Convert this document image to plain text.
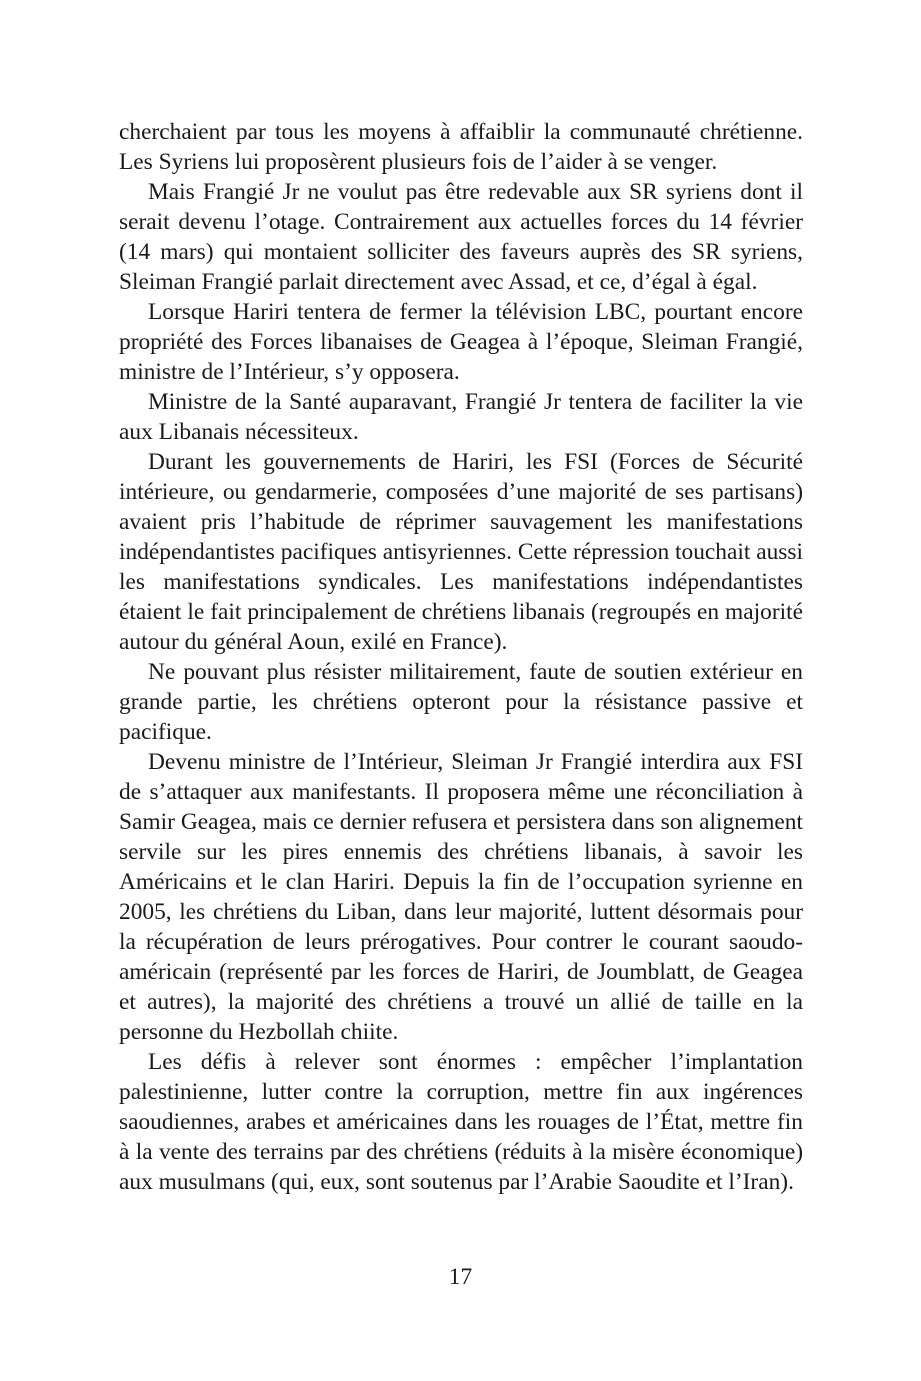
cherchaient par tous les moyens à affaiblir la communauté chrétienne. Les Syriens lui proposèrent plusieurs fois de l’aider à se venger.

Mais Frangié Jr ne voulut pas être redevable aux SR syriens dont il serait devenu l’otage. Contrairement aux actuelles forces du 14 février (14 mars) qui montaient solliciter des faveurs auprès des SR syriens, Sleiman Frangié parlait directement avec Assad, et ce, d’égal à égal.

Lorsque Hariri tentera de fermer la télévision LBC, pourtant encore propriété des Forces libanaises de Geagea à l’époque, Sleiman Frangié, ministre de l’Intérieur, s’y opposera.

Ministre de la Santé auparavant, Frangié Jr tentera de faciliter la vie aux Libanais nécessiteux.

Durant les gouvernements de Hariri, les FSI (Forces de Sécurité intérieure, ou gendarmerie, composées d’une majorité de ses partisans) avaient pris l’habitude de réprimer sauvagement les manifestations indépendantistes pacifiques antisyriennes. Cette répression touchait aussi les manifestations syndicales. Les manifestations indépendantistes étaient le fait principalement de chrétiens libanais (regroupés en majorité autour du général Aoun, exilé en France).

Ne pouvant plus résister militairement, faute de soutien extérieur en grande partie, les chrétiens opteront pour la résistance passive et pacifique.

Devenu ministre de l’Intérieur, Sleiman Jr Frangié interdira aux FSI de s’attaquer aux manifestants. Il proposera même une réconciliation à Samir Geagea, mais ce dernier refusera et persistera dans son alignement servile sur les pires ennemis des chrétiens libanais, à savoir les Américains et le clan Hariri. Depuis la fin de l’occupation syrienne en 2005, les chrétiens du Liban, dans leur majorité, luttent désormais pour la récupération de leurs prérogatives. Pour contrer le courant saoudo-américain (représenté par les forces de Hariri, de Joumblatt, de Geagea et autres), la majorité des chrétiens a trouvé un allié de taille en la personne du Hezbollah chiite.

Les défis à relever sont énormes : empêcher l’implantation palestinienne, lutter contre la corruption, mettre fin aux ingérences saoudiennes, arabes et américaines dans les rouages de l’État, mettre fin à la vente des terrains par des chrétiens (réduits à la misère économique) aux musulmans (qui, eux, sont soutenus par l’Arabie Saoudite et l’Iran).

17
